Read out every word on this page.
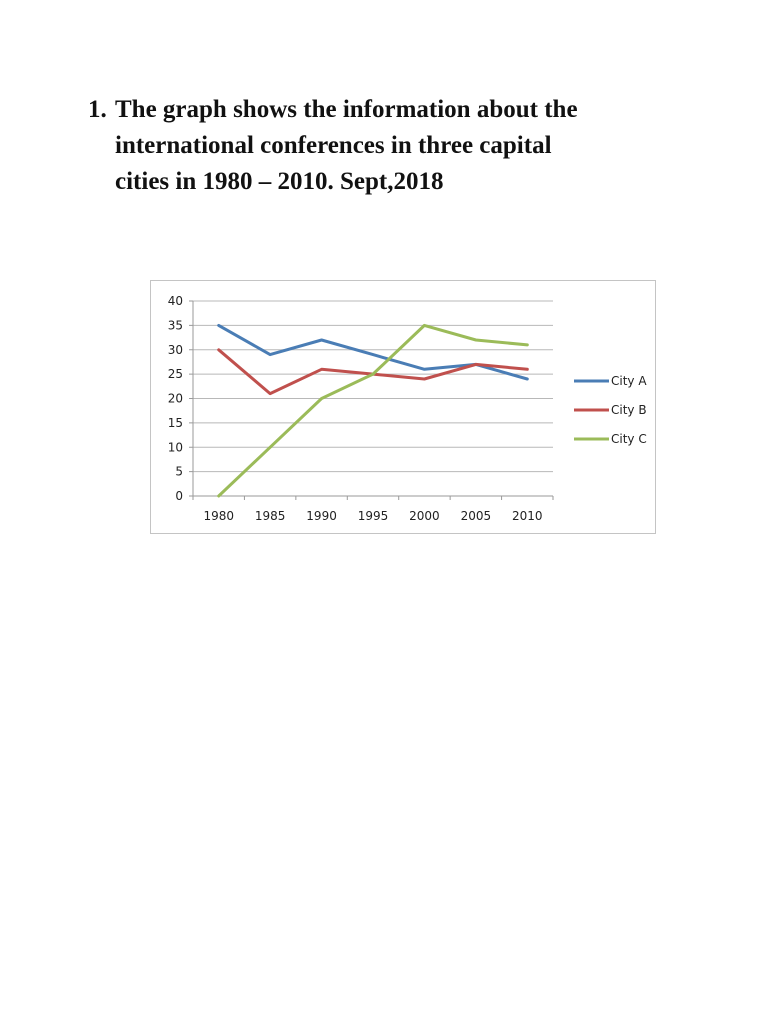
1. The graph shows the information about the
international conferences in three capital
cities in 1980 – 2010. Sept,2018
0
5
10
15
20
25
30
35
40
1980 1985 1990 1995 2000 2005 2010
City A
City B
City C
